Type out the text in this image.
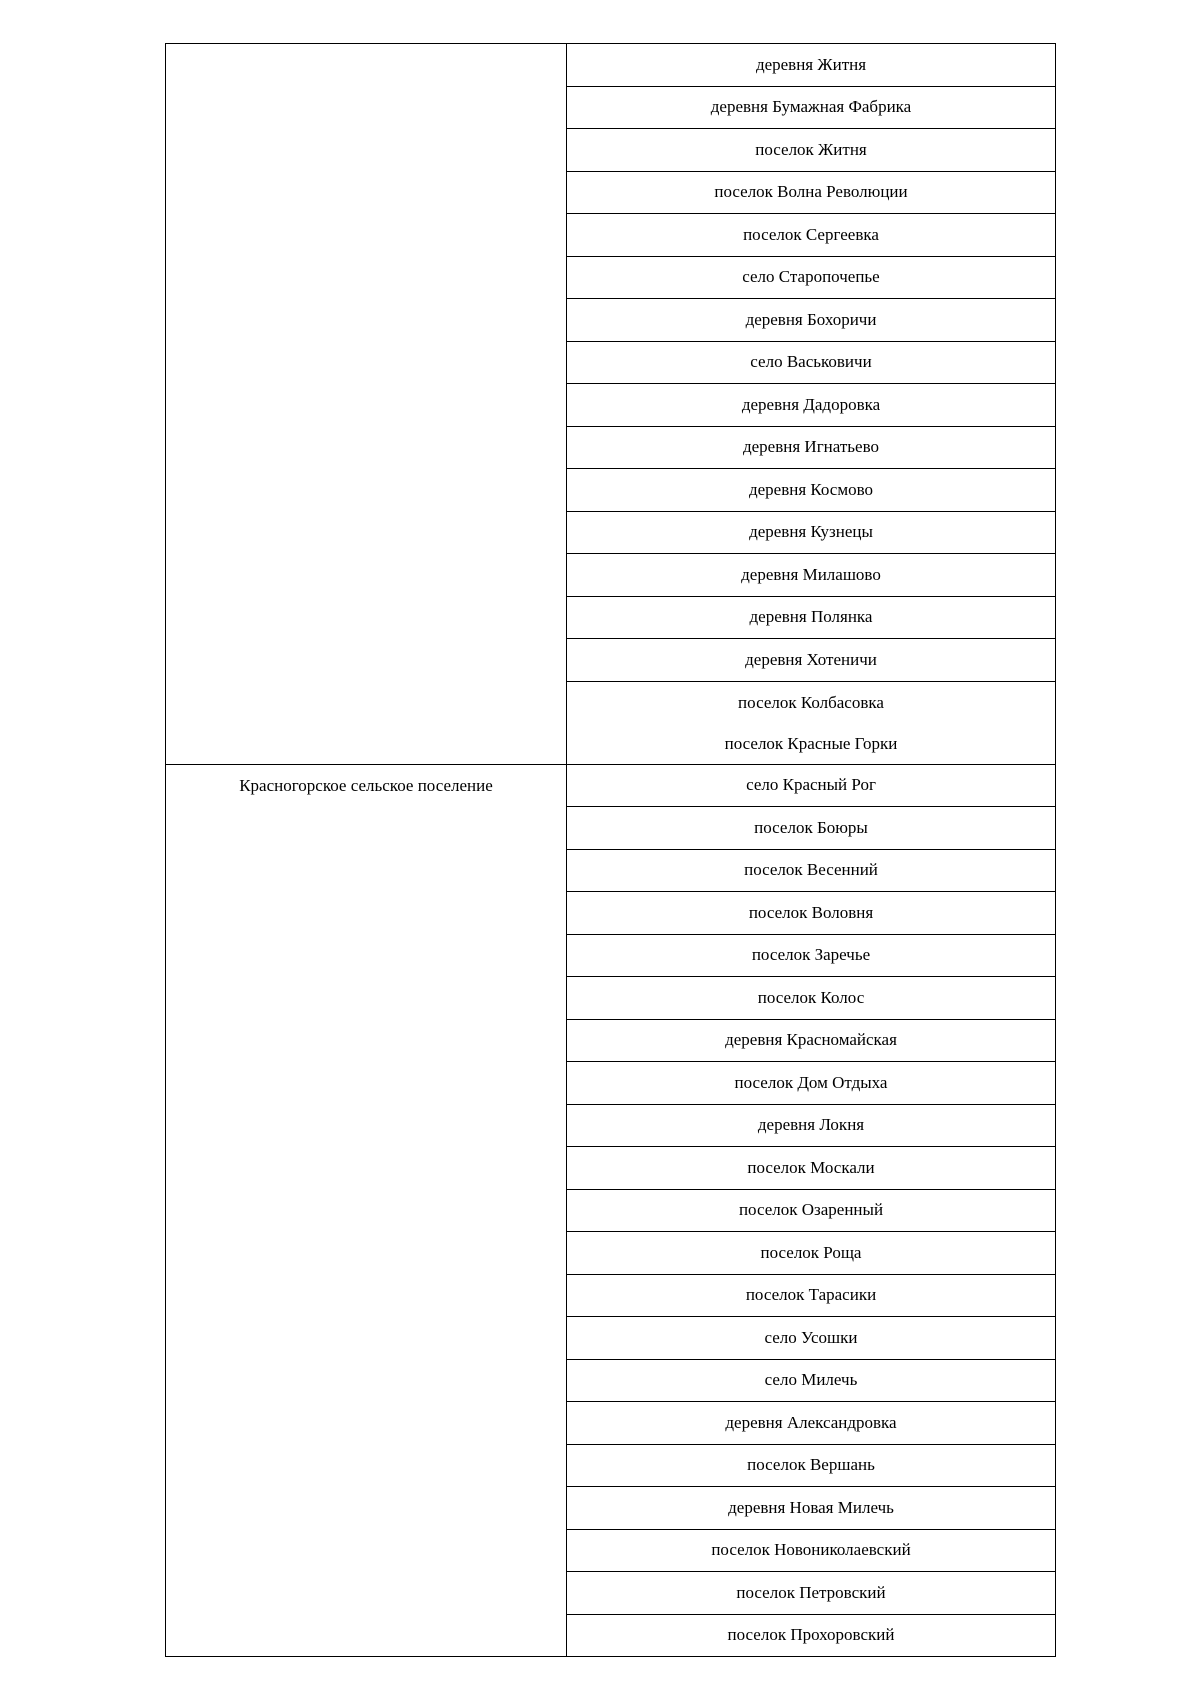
	деревня Житня
	деревня Бумажная Фабрика
	поселок Житня
	поселок Волна Революции
	поселок Сергеевка
	село Старопочепье
	деревня Бохоричи
	село Васьковичи
	деревня Дадоровка
	деревня Игнатьево
	деревня Космово
	деревня Кузнецы
	деревня Милашово
	деревня Полянка
	деревня Хотеничи

	поселок Колбасовка
поселок Красные Горки

Красногорское сельское поселение	село Красный Рог
	поселок Боюры
	поселок Весенний
	поселок Воловня
	поселок Заречье
	поселок Колос
	деревня Красномайская
	поселок Дом Отдыха
	деревня Локня
	поселок Москали
	поселок Озаренный
	поселок Роща
	поселок Тарасики
	село Усошки
	село Милечь
	деревня Александровка
	поселок Вершань
	деревня Новая Милечь
	поселок Новониколаевский
	поселок Петровский
	поселок Прохоровский
